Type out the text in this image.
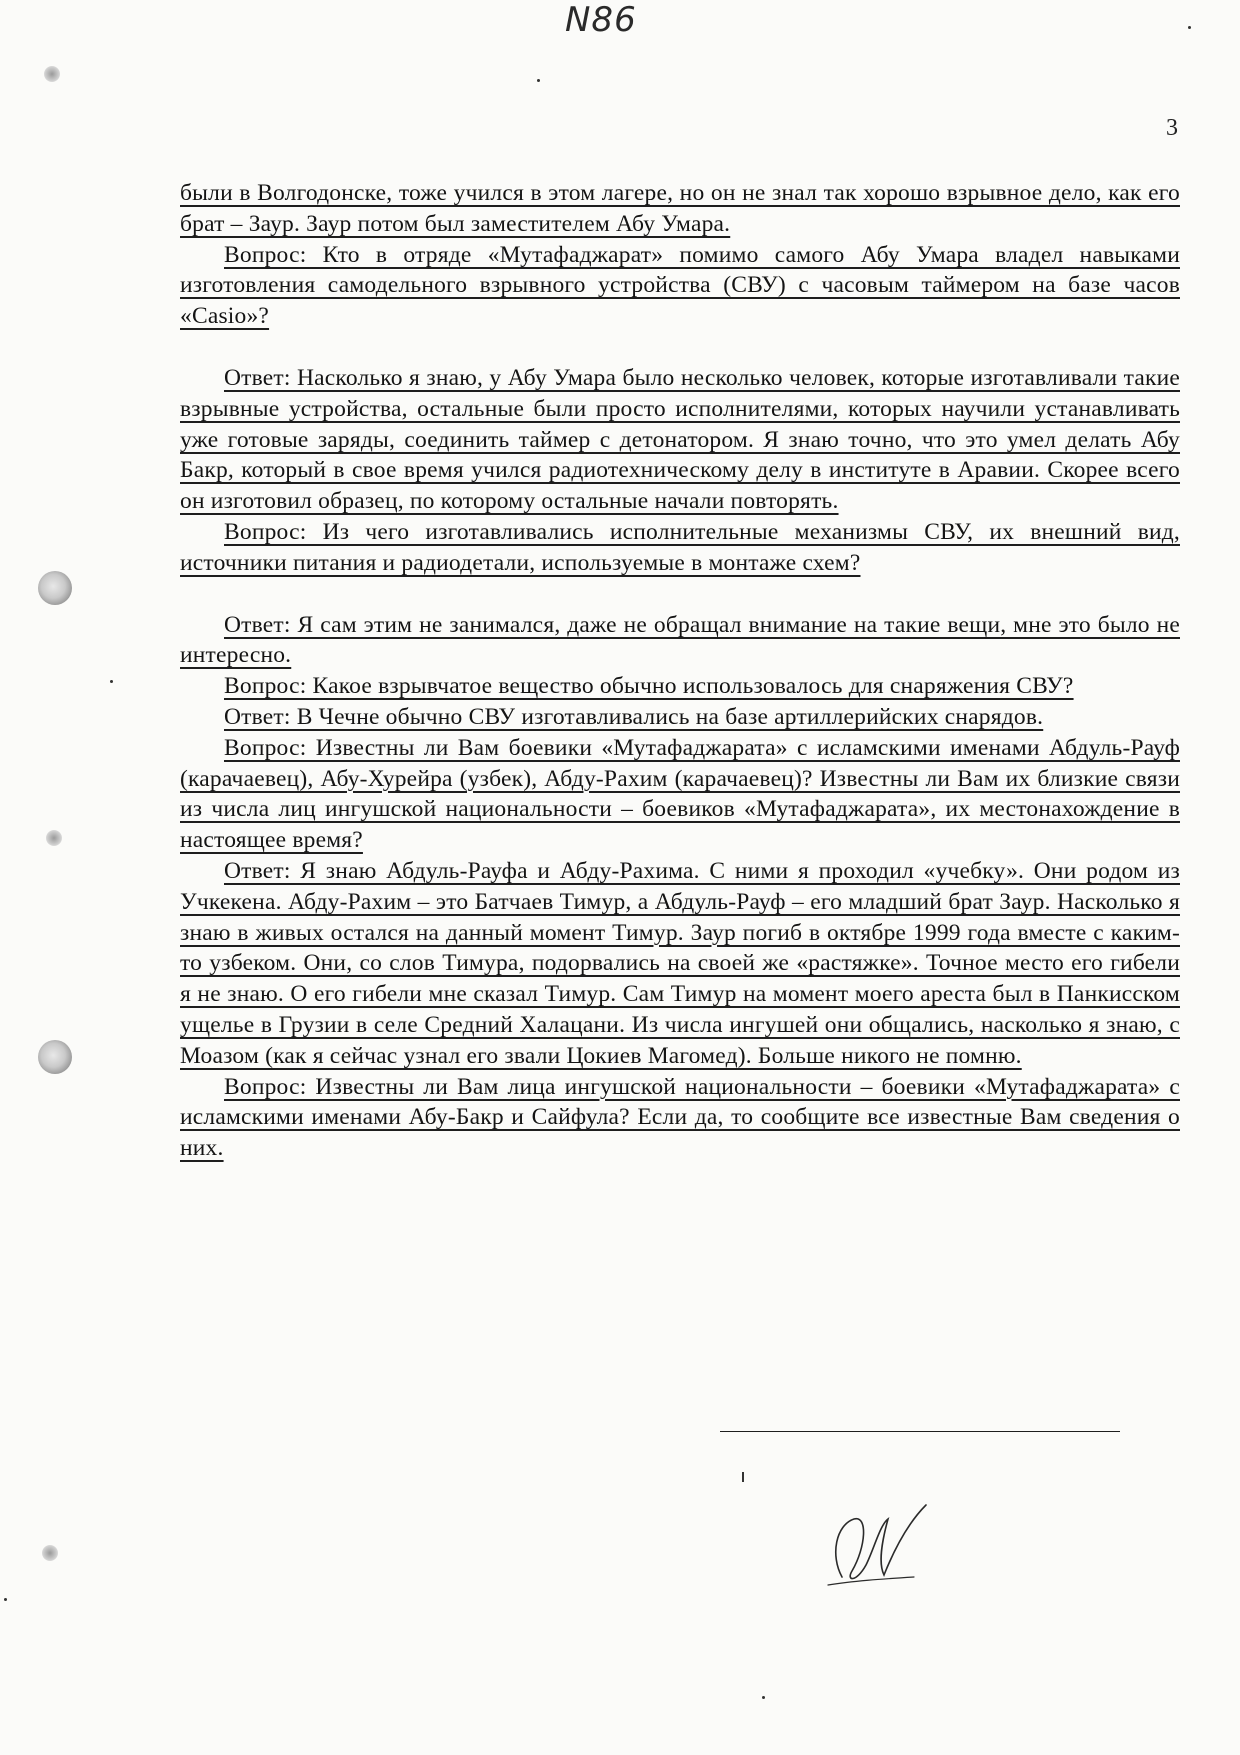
N86
3

были в Волгодонске, тоже учился в этом лагере, но он не знал так хорошо взрывное дело, как его брат – Заур. Заур потом был заместителем Абу Умара.

Вопрос: Кто в отряде «Мутафаджарат» помимо самого Абу Умара владел навыками изготовления самодельного взрывного устройства (СВУ) с часовым таймером на базе часов «Casio»?

Ответ: Насколько я знаю, у Абу Умара было несколько человек, которые изготавливали такие взрывные устройства, остальные были просто исполнителями, которых научили устанавливать уже готовые заряды, соединить таймер с детонатором. Я знаю точно, что это умел делать Абу Бакр, который в свое время учился радиотехническому делу в институте в Аравии. Скорее всего он изготовил образец, по которому остальные начали повторять.

Вопрос: Из чего изготавливались исполнительные механизмы СВУ, их внешний вид, источники питания и радиодетали, используемые в монтаже схем?

Ответ: Я сам этим не занимался, даже не обращал внимание на такие вещи, мне это было не интересно.

Вопрос: Какое взрывчатое вещество обычно использовалось для снаряжения СВУ?

Ответ: В Чечне обычно СВУ изготавливались на базе артиллерийских снарядов.

Вопрос: Известны ли Вам боевики «Мутафаджарата» с исламскими именами Абдуль-Рауф (карачаевец), Абу-Хурейра (узбек), Абду-Рахим (карачаевец)? Известны ли Вам их близкие связи из числа лиц ингушской национальности – боевиков «Мутафаджарата», их местонахождение в настоящее время?

Ответ: Я знаю Абдуль-Рауфа и Абду-Рахима. С ними я проходил «учебку». Они родом из Учкекена. Абду-Рахим – это Батчаев Тимур, а Абдуль-Рауф – его младший брат Заур. Насколько я знаю в живых остался на данный момент Тимур. Заур погиб в октябре 1999 года вместе с каким-то узбеком. Они, со слов Тимура, подорвались на своей же «растяжке». Точное место его гибели я не знаю. О его гибели мне сказал Тимур. Сам Тимур на момент моего ареста был в Панкисском ущелье в Грузии в селе Средний Халацани. Из числа ингушей они общались, насколько я знаю, с Моазом (как я сейчас узнал его звали Цокиев Магомед). Больше никого не помню.

Вопрос: Известны ли Вам лица ингушской национальности – боевики «Мутафаджарата» с исламскими именами Абу-Бакр и Сайфула? Если да, то сообщите все известные Вам сведения о них.
